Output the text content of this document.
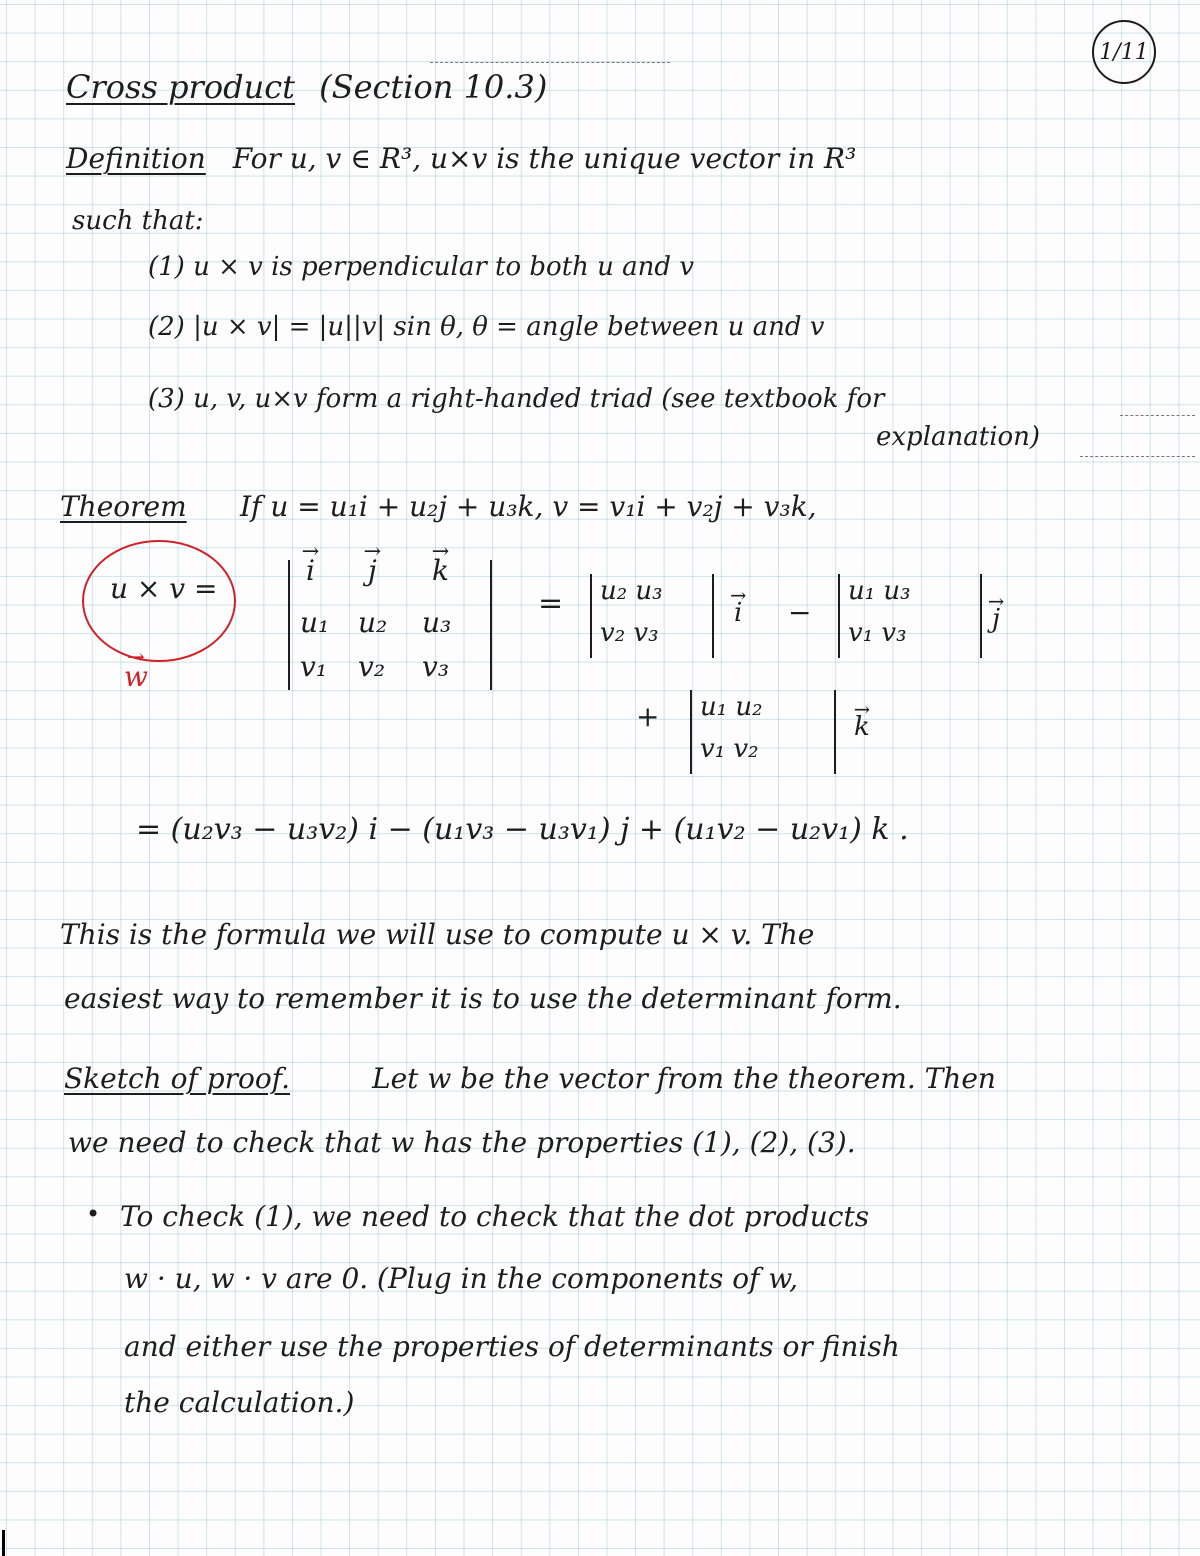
1/11
Cross product (Section 10.3)
Definition For u, v ∈ R³, u×v is the unique vector in R³
such that:
(1) u × v is perpendicular to both u and v
(2) |u × v| = |u||v| sin θ, θ = angle between u and v
(3) u, v, u×v form a right-handed triad (see textbook for
explanation)
Theorem If u = u₁i + u₂j + u₃k, v = v₁i + v₂j + v₃k,
u × v =
→ w
→ i → j → k
u₁ u₂ u₃
v₁ v₂ v₃
= u₂ u₃
v₂ v₃
→ i −
u₁ u₃
v₁ v₃	→ j
+ u₁ u₂
v₁ v₂
→ k
= (u₂v₃ − u₃v₂) i − (u₁v₃ − u₃v₁) j + (u₁v₂ − u₂v₁) k .
This is the formula we will use to compute u × v. The
easiest way to remember it is to use the determinant form.
Sketch of proof.	Let w be the vector from the theorem. Then
we need to check that w has the properties (1), (2), (3).
• To check (1), we need to check that the dot products
w · u, w · v are 0. (Plug in the components of w,
and either use the properties of determinants or finish
the calculation.)
